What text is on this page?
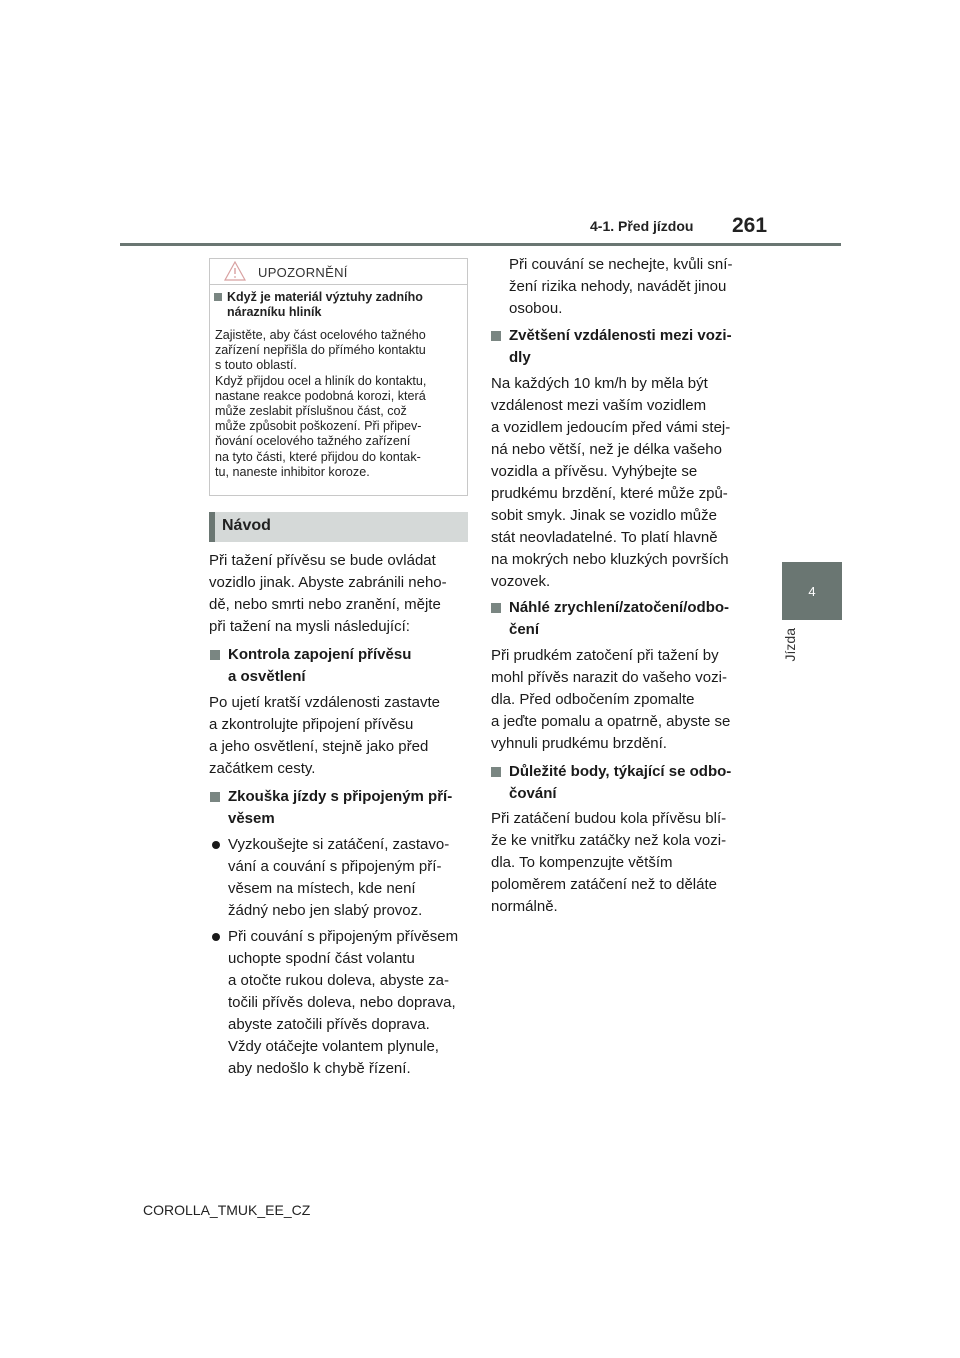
4-1. Před jízdou 261
4
Jízda
UPOZORNĚNÍ
Když je materiál výztuhy zadního
nárazníku hliník
Zajistěte, aby část ocelového tažného
zařízení nepřišla do přímého kontaktu
s touto oblastí.
Když přijdou ocel a hliník do kontaktu,
nastane reakce podobná korozi, která
může zeslabit příslušnou část, což
může způsobit poškození. Při připev-
ňování ocelového tažného zařízení
na tyto části, které přijdou do kontak-
tu, naneste inhibitor koroze.
Návod
Při tažení přívěsu se bude ovládat
vozidlo jinak. Abyste zabránili neho-
dě, nebo smrti nebo zranění, mějte
při tažení na mysli následující:
Kontrola zapojení přívěsu
a osvětlení
Po ujetí kratší vzdálenosti zastavte
a zkontrolujte připojení přívěsu
a jeho osvětlení, stejně jako před
začátkem cesty.
Zkouška jízdy s připojeným pří-
věsem
Vyzkoušejte si zatáčení, zastavo-
vání a couvání s připojeným pří-
věsem na místech, kde není
žádný nebo jen slabý provoz.
Při couvání s připojeným přívěsem
uchopte spodní část volantu
a otočte rukou doleva, abyste za-
točili přívěs doleva, nebo doprava,
abyste zatočili přívěs doprava.
Vždy otáčejte volantem plynule,
aby nedošlo k chybě řízení.
Při couvání se nechejte, kvůli sní-
žení rizika nehody, navádět jinou
osobou.
Zvětšení vzdálenosti mezi vozi-
dly
Na každých 10 km/h by měla být
vzdálenost mezi vaším vozidlem
a vozidlem jedoucím před vámi stej-
ná nebo větší, než je délka vašeho
vozidla a přívěsu. Vyhýbejte se
prudkému brzdění, které může způ-
sobit smyk. Jinak se vozidlo může
stát neovladatelné. To platí hlavně
na mokrých nebo kluzkých površích
vozovek.
Náhlé zrychlení/zatočení/odbo-
čení
Při prudkém zatočení při tažení by
mohl přívěs narazit do vašeho vozi-
dla. Před odbočením zpomalte
a jeďte pomalu a opatrně, abyste se
vyhnuli prudkému brzdění.
Důležité body, týkající se odbo-
čování
Při zatáčení budou kola přívěsu blí-
že ke vnitřku zatáčky než kola vozi-
dla. To kompenzujte větším
poloměrem zatáčení než to děláte
normálně.
COROLLA_TMUK_EE_CZ
